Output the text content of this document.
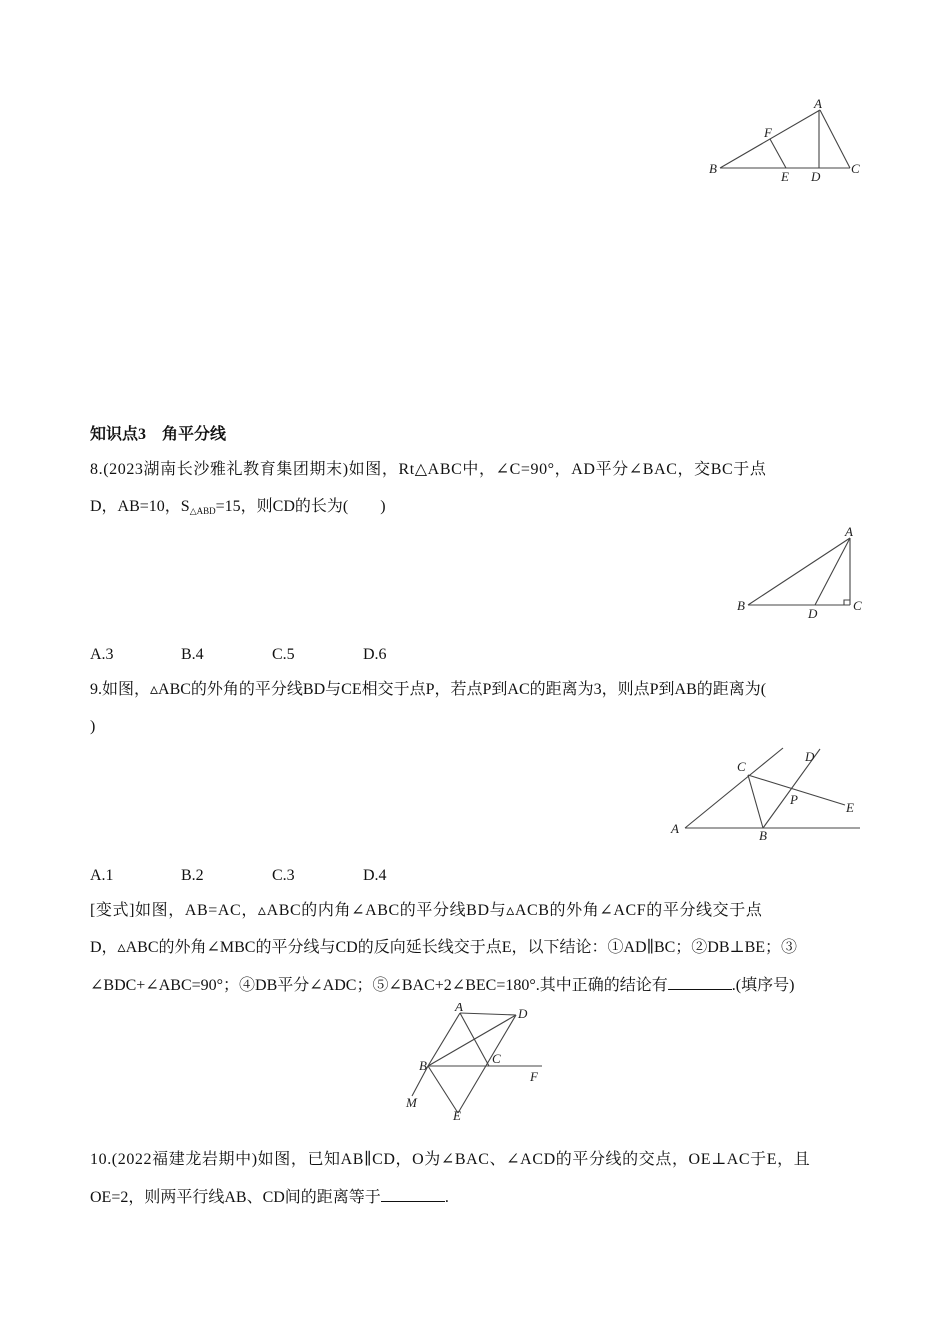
A
B	C
D
E
F
知识点3　角平分线
8.(2023湖南长沙雅礼教育集团期末)如图，Rt△ABC中，∠C=90°，AD平分∠BAC，交BC于点
D，AB=10，S△ABD=15，则CD的长为(　　)
A
B	C
D
A.3	B.4	C.5	D.6
9.如图，▵ABC的外角的平分线BD与CE相交于点P，若点P到AC的距离为3，则点P到AB的距离为(
)
A	B
C
D
E
P
A.1	B.2	C.3	D.4
[变式]如图，AB=AC，▵ABC的内角∠ABC的平分线BD与▵ACB的外角∠ACF的平分线交于点
D，▵ABC的外角∠MBC的平分线与CD的反向延长线交于点E，以下结论：①AD∥BC；②DB⊥BE；③
∠BDC+∠ABC=90°；④DB平分∠ADC；⑤∠BAC+2∠BEC=180°.其中正确的结论有	.(填序号)
A
B	C
D
E
F
M
10.(2022福建龙岩期中)如图，已知AB∥CD，O为∠BAC、∠ACD的平分线的交点，OE⊥AC于E，且
OE=2，则两平行线AB、CD间的距离等于	.
